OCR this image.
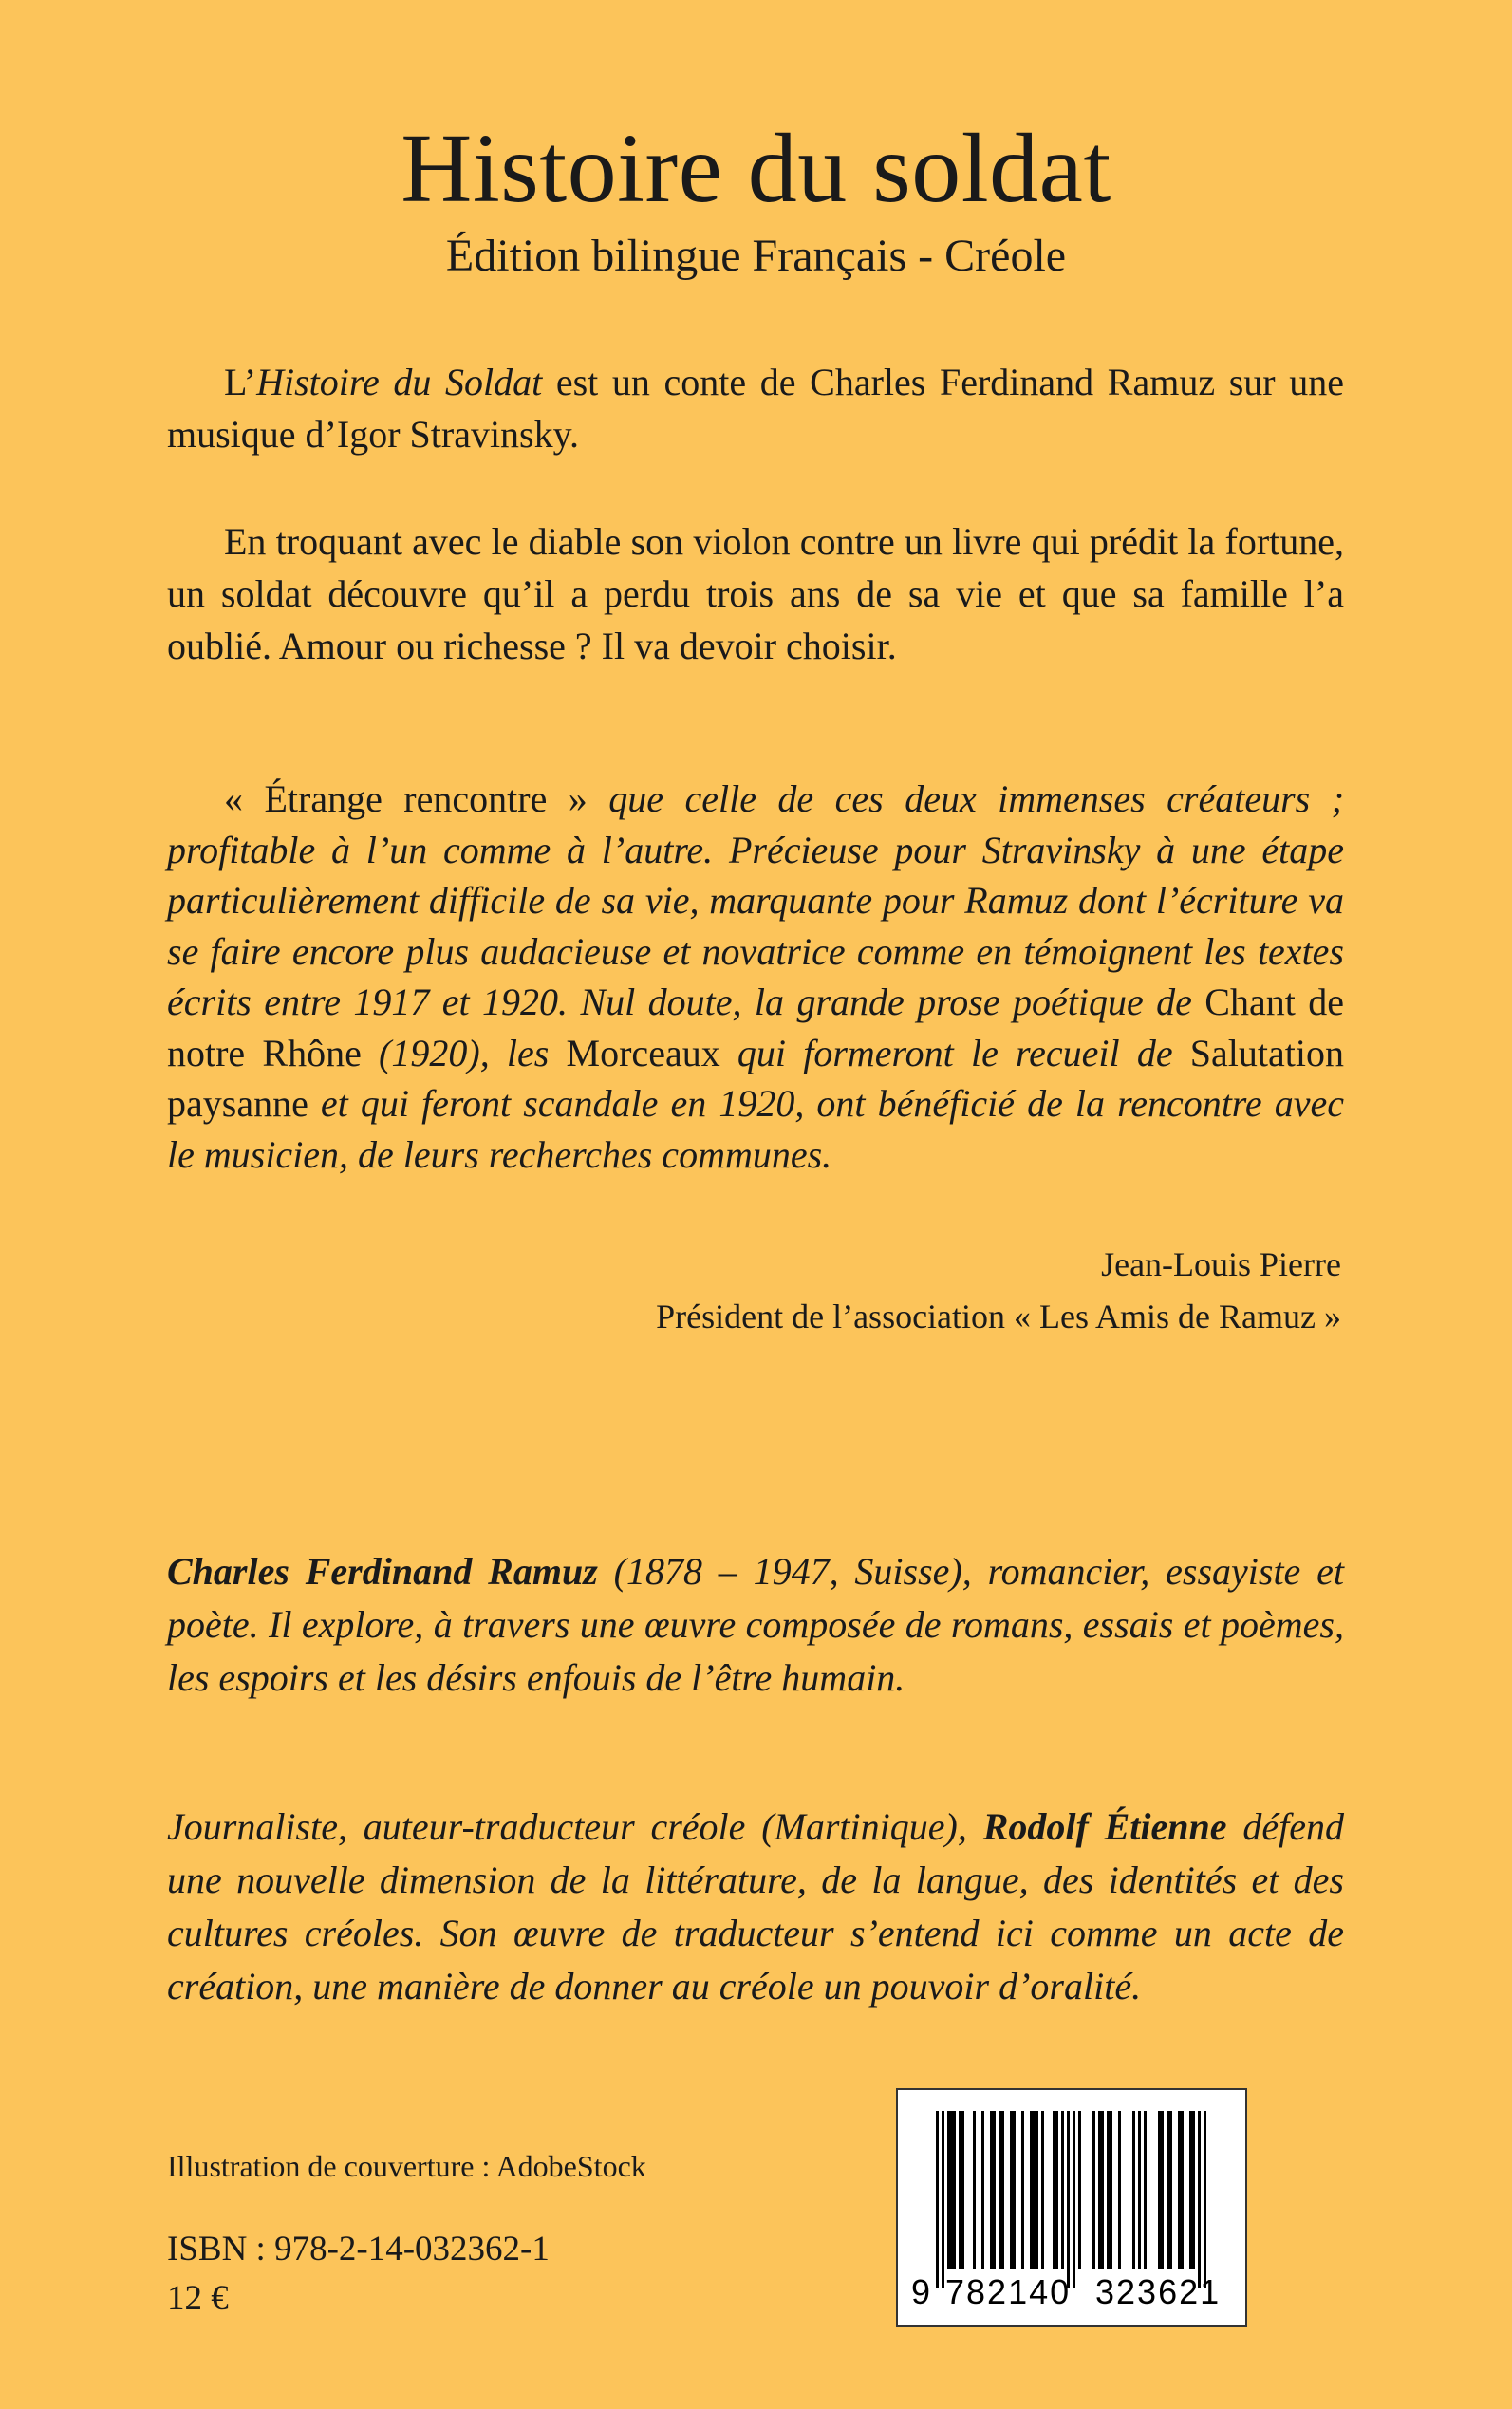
Histoire du soldat
Édition bilingue Français - Créole

L’Histoire du Soldat est un conte de Charles Ferdinand Ramuz sur une musique d’Igor Stravinsky.

En troquant avec le diable son violon contre un livre qui prédit la fortune, un soldat découvre qu’il a perdu trois ans de sa vie et que sa famille l’a oublié. Amour ou richesse ? Il va devoir choisir.

« Étrange rencontre » que celle de ces deux immenses créateurs ; profitable à l’un comme à l’autre. Précieuse pour Stravinsky à une étape particulièrement difficile de sa vie, marquante pour Ramuz dont l’écriture va se faire encore plus audacieuse et novatrice comme en témoignent les textes écrits entre 1917 et 1920. Nul doute, la grande prose poétique de Chant de notre Rhône (1920), les Morceaux qui formeront le recueil de Salutation paysanne et qui feront scandale en 1920, ont bénéficié de la rencontre avec le musicien, de leurs recherches communes.

Jean-Louis Pierre

Président de l’association « Les Amis de Ramuz »

Charles Ferdinand Ramuz (1878 – 1947, Suisse), romancier, essayiste et poète. Il explore, à travers une œuvre composée de romans, essais et poèmes, les espoirs et les désirs enfouis de l’être humain.

Journaliste, auteur-traducteur créole (Martinique), Rodolf Étienne défend une nouvelle dimension de la littérature, de la langue, des identités et des cultures créoles. Son œuvre de traducteur s’entend ici comme un acte de création, une manière de donner au créole un pouvoir d’oralité.

Illustration de couverture : AdobeStock

ISBN : 978-2-14-032362-1

12 €	9 782140 323621
